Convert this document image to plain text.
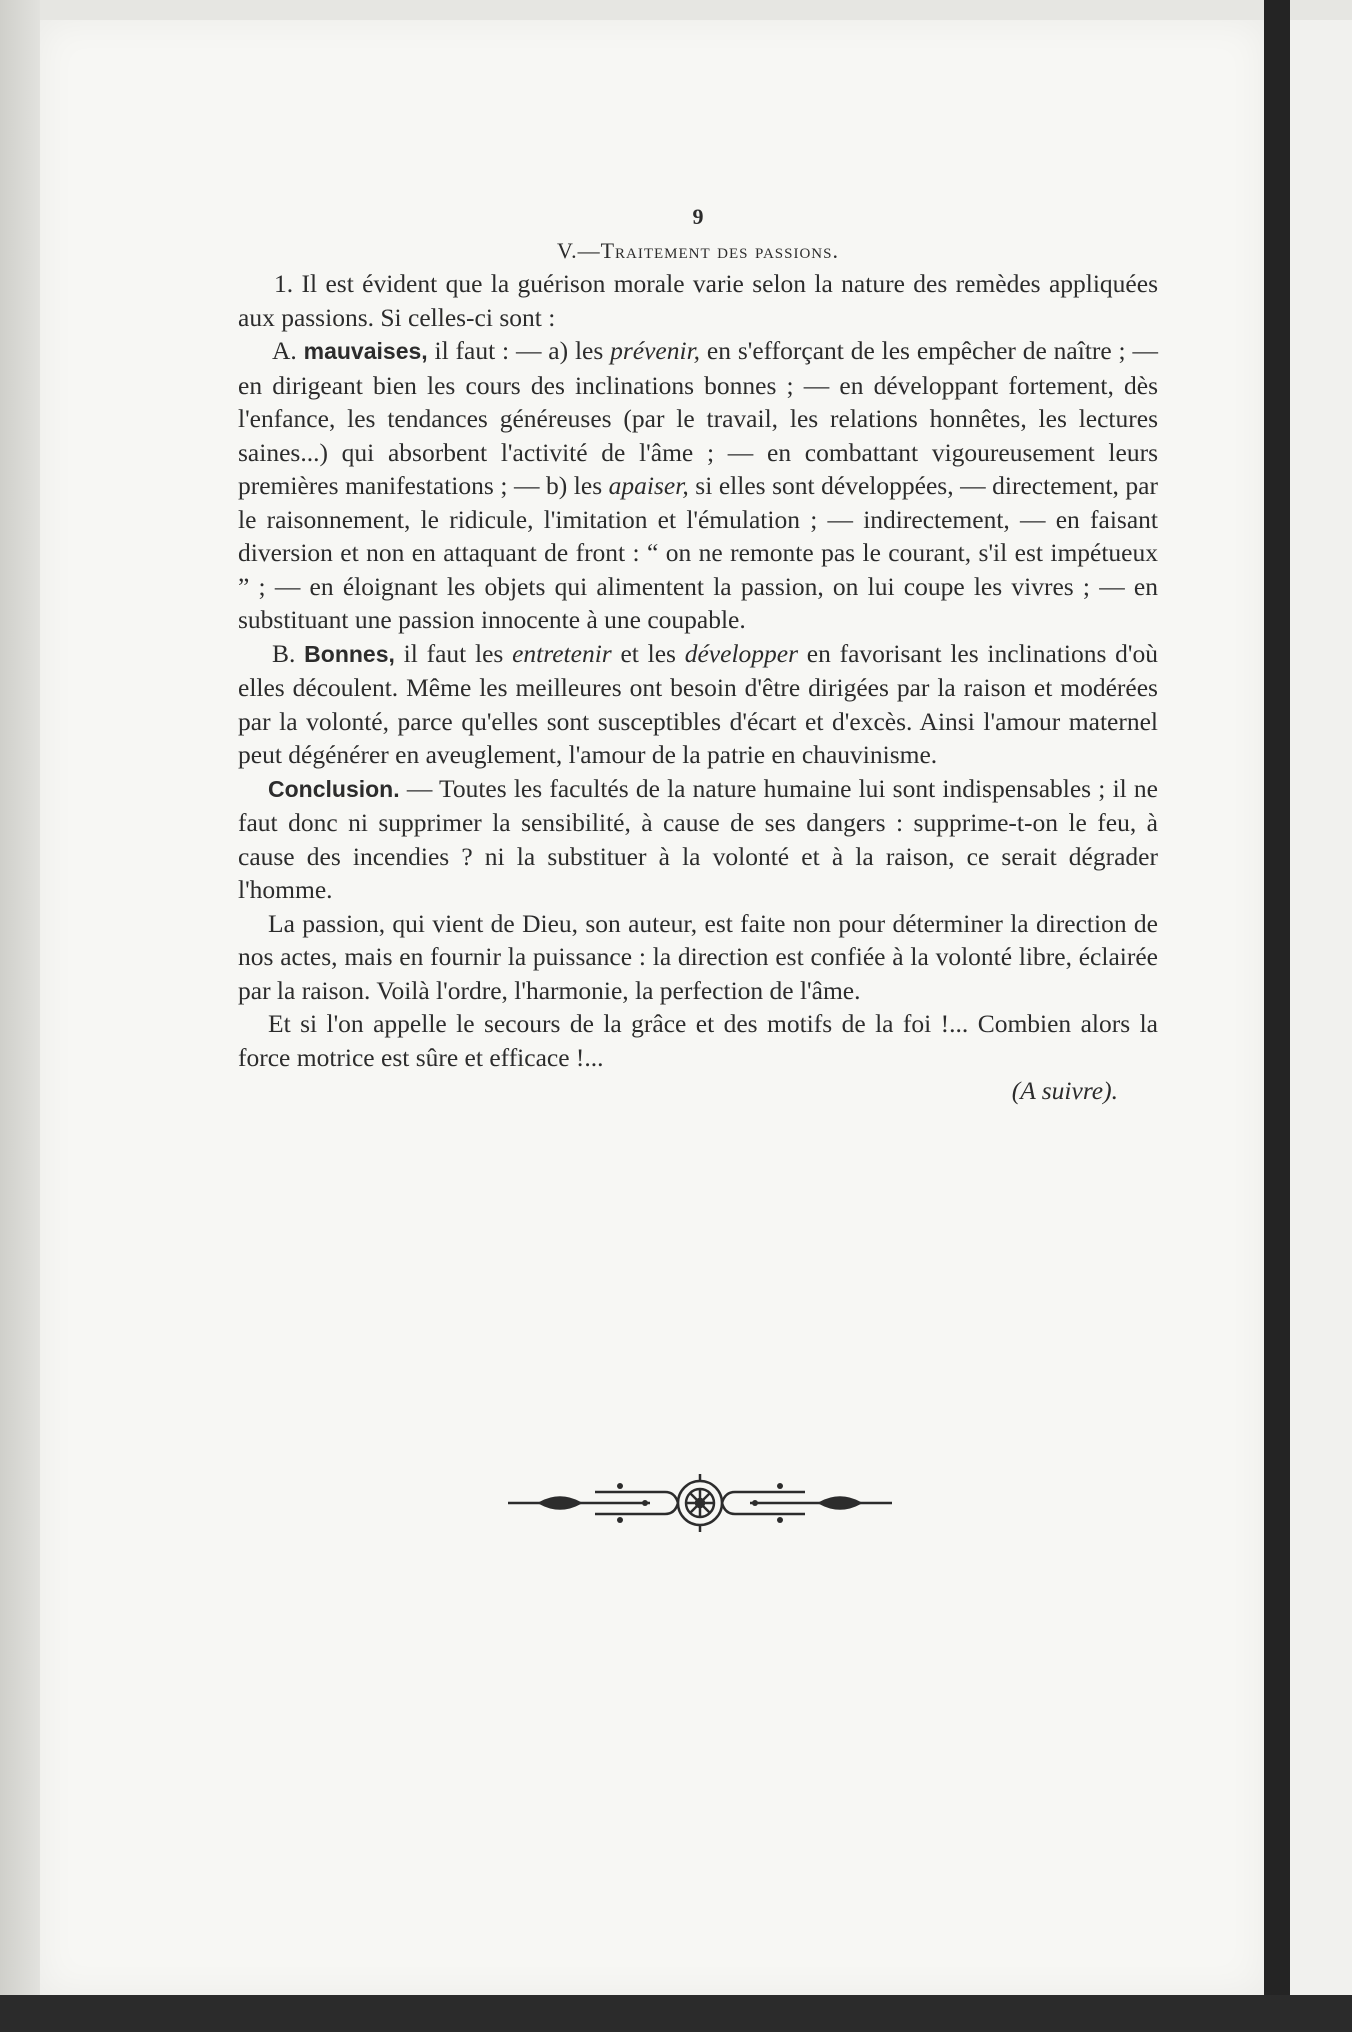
9

V.—Traitement des passions.

1. Il est évident que la guérison morale varie selon la nature des remèdes appliquées aux passions. Si celles-ci sont :

A. mauvaises, il faut : — a) les prévenir, en s'efforçant de les empêcher de naître ; — en dirigeant bien les cours des inclinations bonnes ; — en développant fortement, dès l'enfance, les tendances généreuses (par le travail, les relations honnêtes, les lectures saines...) qui absorbent l'activité de l'âme ; — en combattant vigoureusement leurs premières manifestations ; — b) les apaiser, si elles sont développées, — directement, par le raisonnement, le ridicule, l'imitation et l'émulation ; — indirectement, — en faisant diversion et non en attaquant de front : “ on ne remonte pas le courant, s'il est impétueux ” ; — en éloignant les objets qui alimentent la passion, on lui coupe les vivres ; — en substituant une passion innocente à une coupable.

B. Bonnes, il faut les entretenir et les développer en favorisant les inclinations d'où elles découlent. Même les meilleures ont besoin d'être dirigées par la raison et modérées par la volonté, parce qu'elles sont susceptibles d'écart et d'excès. Ainsi l'amour maternel peut dégénérer en aveuglement, l'amour de la patrie en chauvinisme.

Conclusion. — Toutes les facultés de la nature humaine lui sont indispensables ; il ne faut donc ni supprimer la sensibilité, à cause de ses dangers : supprime-t-on le feu, à cause des incendies ? ni la substituer à la volonté et à la raison, ce serait dégrader l'homme.

La passion, qui vient de Dieu, son auteur, est faite non pour déterminer la direction de nos actes, mais en fournir la puissance : la direction est confiée à la volonté libre, éclairée par la raison. Voilà l'ordre, l'harmonie, la perfection de l'âme.

Et si l'on appelle le secours de la grâce et des motifs de la foi !... Combien alors la force motrice est sûre et efficace !...

(A suivre).
